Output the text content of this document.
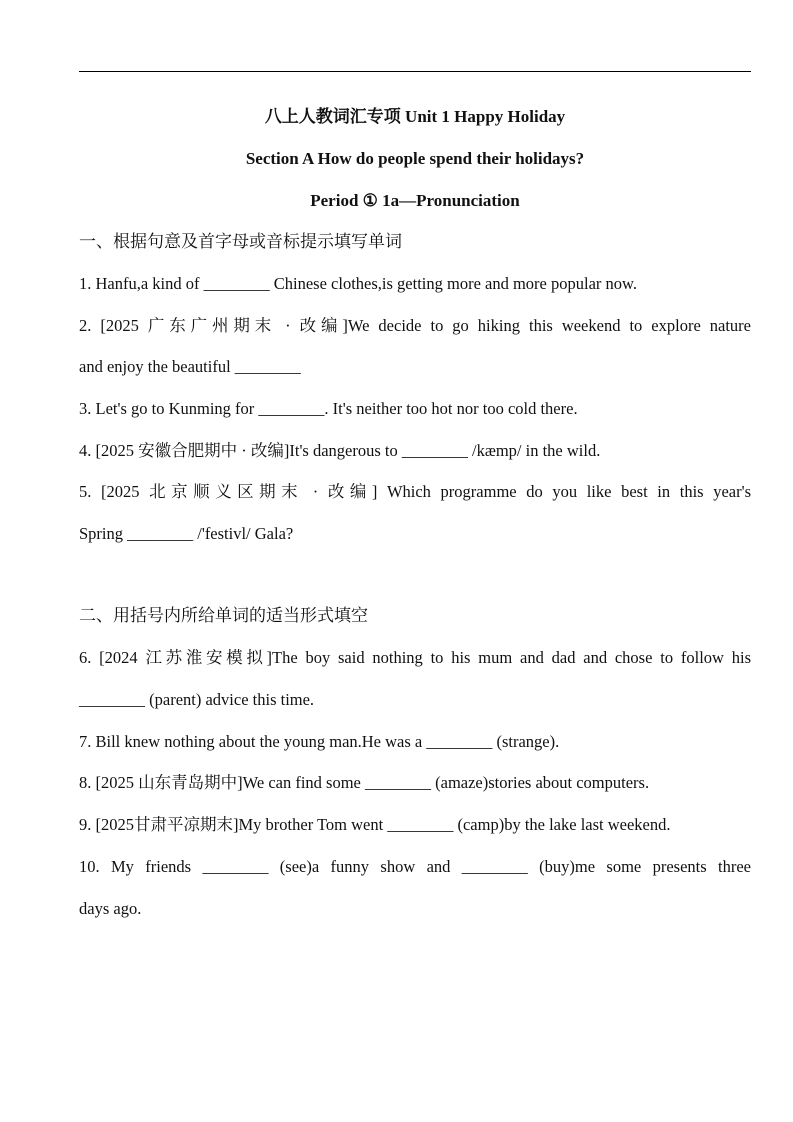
八上人教词汇专项 Unit 1 Happy Holiday
Section A How do people spend their holidays?
Period ① 1a—Pronunciation
一、根据句意及首字母或音标提示填写单词
1. Hanfu,a kind of ________ Chinese clothes,is getting more and more popular now.
2. [2025 广东广州期末 · 改编]We decide to go hiking this weekend to explore nature
and enjoy the beautiful ________
3. Let's go to Kunming for ________. It's neither too hot nor too cold there.
4. [2025 安徽合肥期中 · 改编]It's dangerous to ________ /kæmp/ in the wild.
5. [2025 北京顺义区期末 · 改编] Which programme do you like best in this year's
Spring ________ /'festivl/ Gala?
二、用括号内所给单词的适当形式填空
6. [2024 江苏淮安模拟]The boy said nothing to his mum and dad and chose to follow his
________ (parent) advice this time.
7. Bill knew nothing about the young man.He was a ________ (strange).
8. [2025 山东青岛期中]We can find some ________ (amaze)stories about computers.
9. [2025甘肃平凉期末]My brother Tom went ________ (camp)by the lake last weekend.
10. My friends ________ (see)a funny show and ________ (buy)me some presents three
days ago.
